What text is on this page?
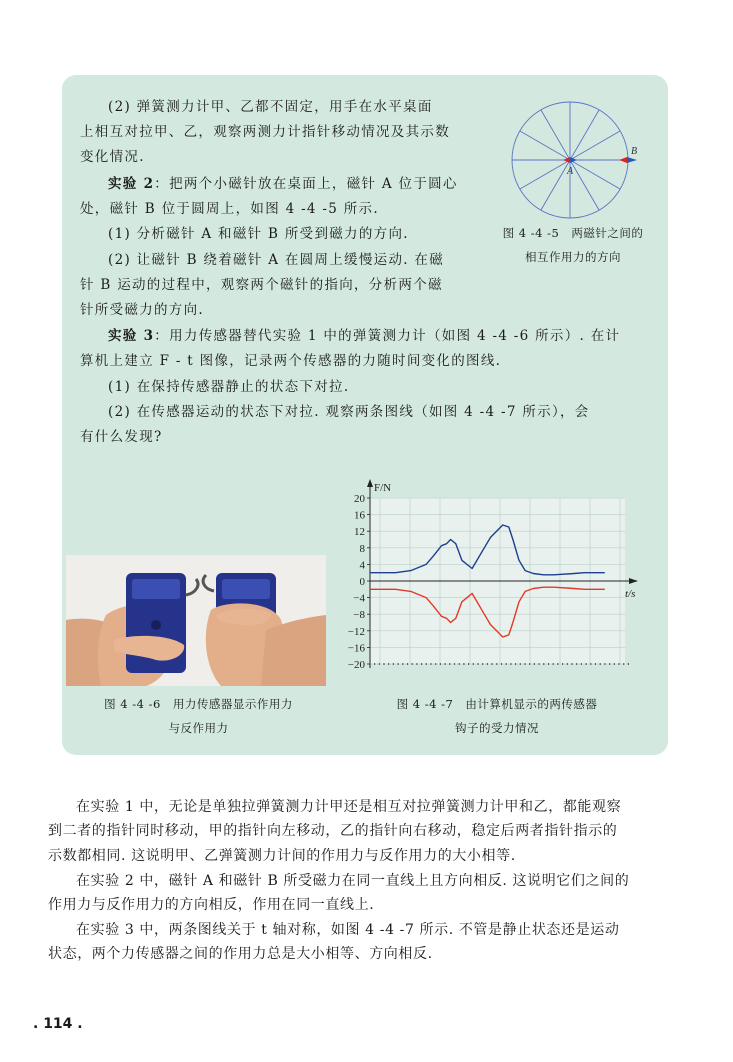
(2) 弹簧测力计甲、乙都不固定，用手在水平桌面

上相互对拉甲、乙，观察两测力计指针移动情况及其示数

变化情况.

实验 2：把两个小磁针放在桌面上，磁针 A 位于圆心

处，磁针 B 位于圆周上，如图 4 -4 -5 所示.

(1) 分析磁针 A 和磁针 B 所受到磁力的方向.

(2) 让磁针 B 绕着磁针 A 在圆周上缓慢运动. 在磁

针 B 运动的过程中，观察两个磁针的指向，分析两个磁

针所受磁力的方向.

实验 3：用力传感器替代实验 1 中的弹簧测力计（如图 4 -4 -6 所示）. 在计

算机上建立 F - t 图像，记录两个传感器的力随时间变化的图线.

(1) 在保持传感器静止的状态下对拉.

(2) 在传感器运动的状态下对拉. 观察两条图线（如图 4 -4 -7 所示），会

有什么发现?

A
B
图 4 -4 -5　两磁针之间的
相互作用力的方向
图 4 -4 -6　用力传感器显示作用力
与反作用力
20
16
12
8
4
0
−4
−8
−12
−16
−20
F/N
t/s
图 4 -4 -7　由计算机显示的两传感器
钩子的受力情况

在实验 1 中，无论是单独拉弹簧测力计甲还是相互对拉弹簧测力计甲和乙，都能观察

到二者的指针同时移动，甲的指针向左移动，乙的指针向右移动，稳定后两者指针指示的

示数都相同. 这说明甲、乙弹簧测力计间的作用力与反作用力的大小相等.

在实验 2 中，磁针 A 和磁针 B 所受磁力在同一直线上且方向相反. 这说明它们之间的

作用力与反作用力的方向相反，作用在同一直线上.

在实验 3 中，两条图线关于 t 轴对称，如图 4 -4 -7 所示. 不管是静止状态还是运动

状态，两个力传感器之间的作用力总是大小相等、方向相反.

. 114 .
